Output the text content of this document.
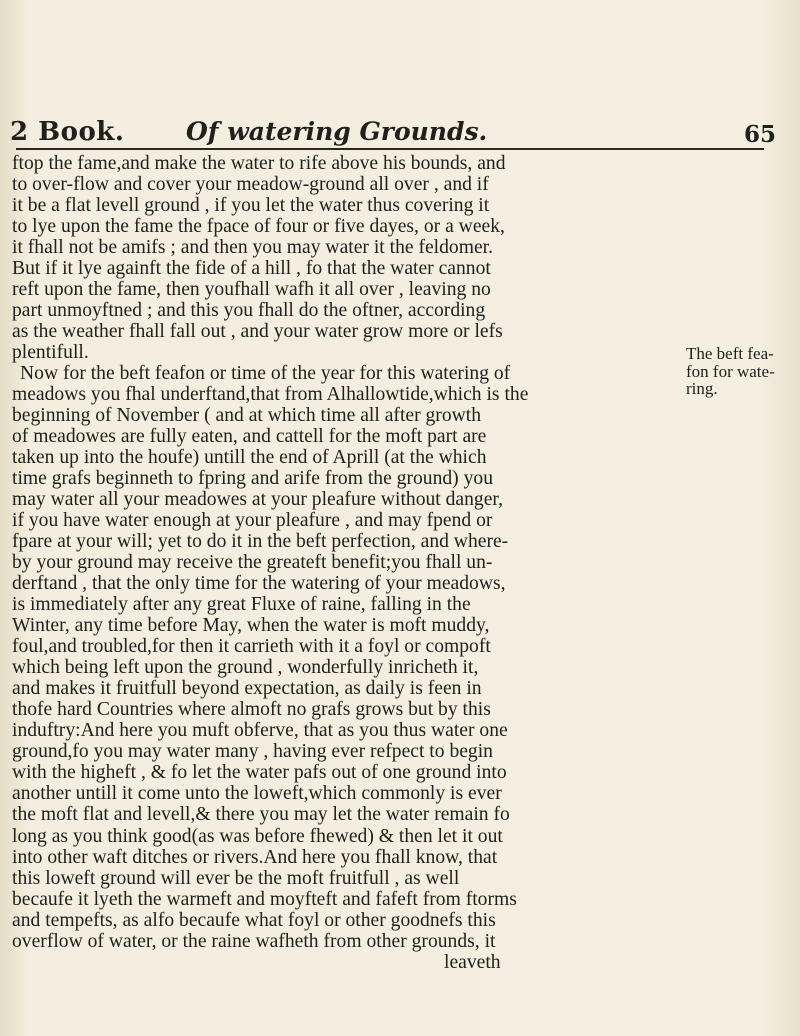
2 Book. Of watering Grounds.	65
ftop the fame,and make the water to rife above his bounds, and
to over-flow and cover your meadow-ground all over , and if
it be a flat levell ground , if you let the water thus covering it
to lye upon the fame the fpace of four or five dayes, or a week,
it fhall not be amifs ; and then you may water it the feldomer.
But if it lye againft the fide of a hill , fo that the water cannot
reft upon the fame, then youfhall wafh it all over , leaving no
part unmoyftned ; and this you fhall do the oftner, according
as the weather fhall fall out , and your water grow more or lefs
plentifull.
Now for the beft feafon or time of the year for this watering of
meadows you fhal underftand,that from Alhallowtide,which is the
beginning of November ( and at which time all after growth
of meadowes are fully eaten, and cattell for the moft part are
taken up into the houfe) untill the end of Aprill (at the which
time grafs beginneth to fpring and arife from the ground) you
may water all your meadowes at your pleafure without danger,
if you have water enough at your pleafure , and may fpend or
fpare at your will; yet to do it in the beft perfection, and where-
by your ground may receive the greateft benefit;you fhall un-
derftand , that the only time for the watering of your meadows,
is immediately after any great Fluxe of raine, falling in the
Winter, any time before May, when the water is moft muddy,
foul,and troubled,for then it carrieth with it a foyl or compoft
which being left upon the ground , wonderfully inricheth it,
and makes it fruitfull beyond expectation, as daily is feen in
thofe hard Countries where almoft no grafs grows but by this
induftry:And here you muft obferve, that as you thus water one
ground,fo you may water many , having ever refpect to begin
with the higheft , & fo let the water pafs out of one ground into
another untill it come unto the loweft,which commonly is ever
the moft flat and levell,& there you may let the water remain fo
long as you think good(as was before fhewed) & then let it out
into other waft ditches or rivers.And here you fhall know, that
this loweft ground will ever be the moft fruitfull , as well
becaufe it lyeth the warmeft and moyfteft and fafeft from ftorms
and tempefts, as alfo becaufe what foyl or other goodnefs this
overflow of water, or the raine wafheth from other grounds, it
leaveth
The beft fea-
fon for wate-
ring.
